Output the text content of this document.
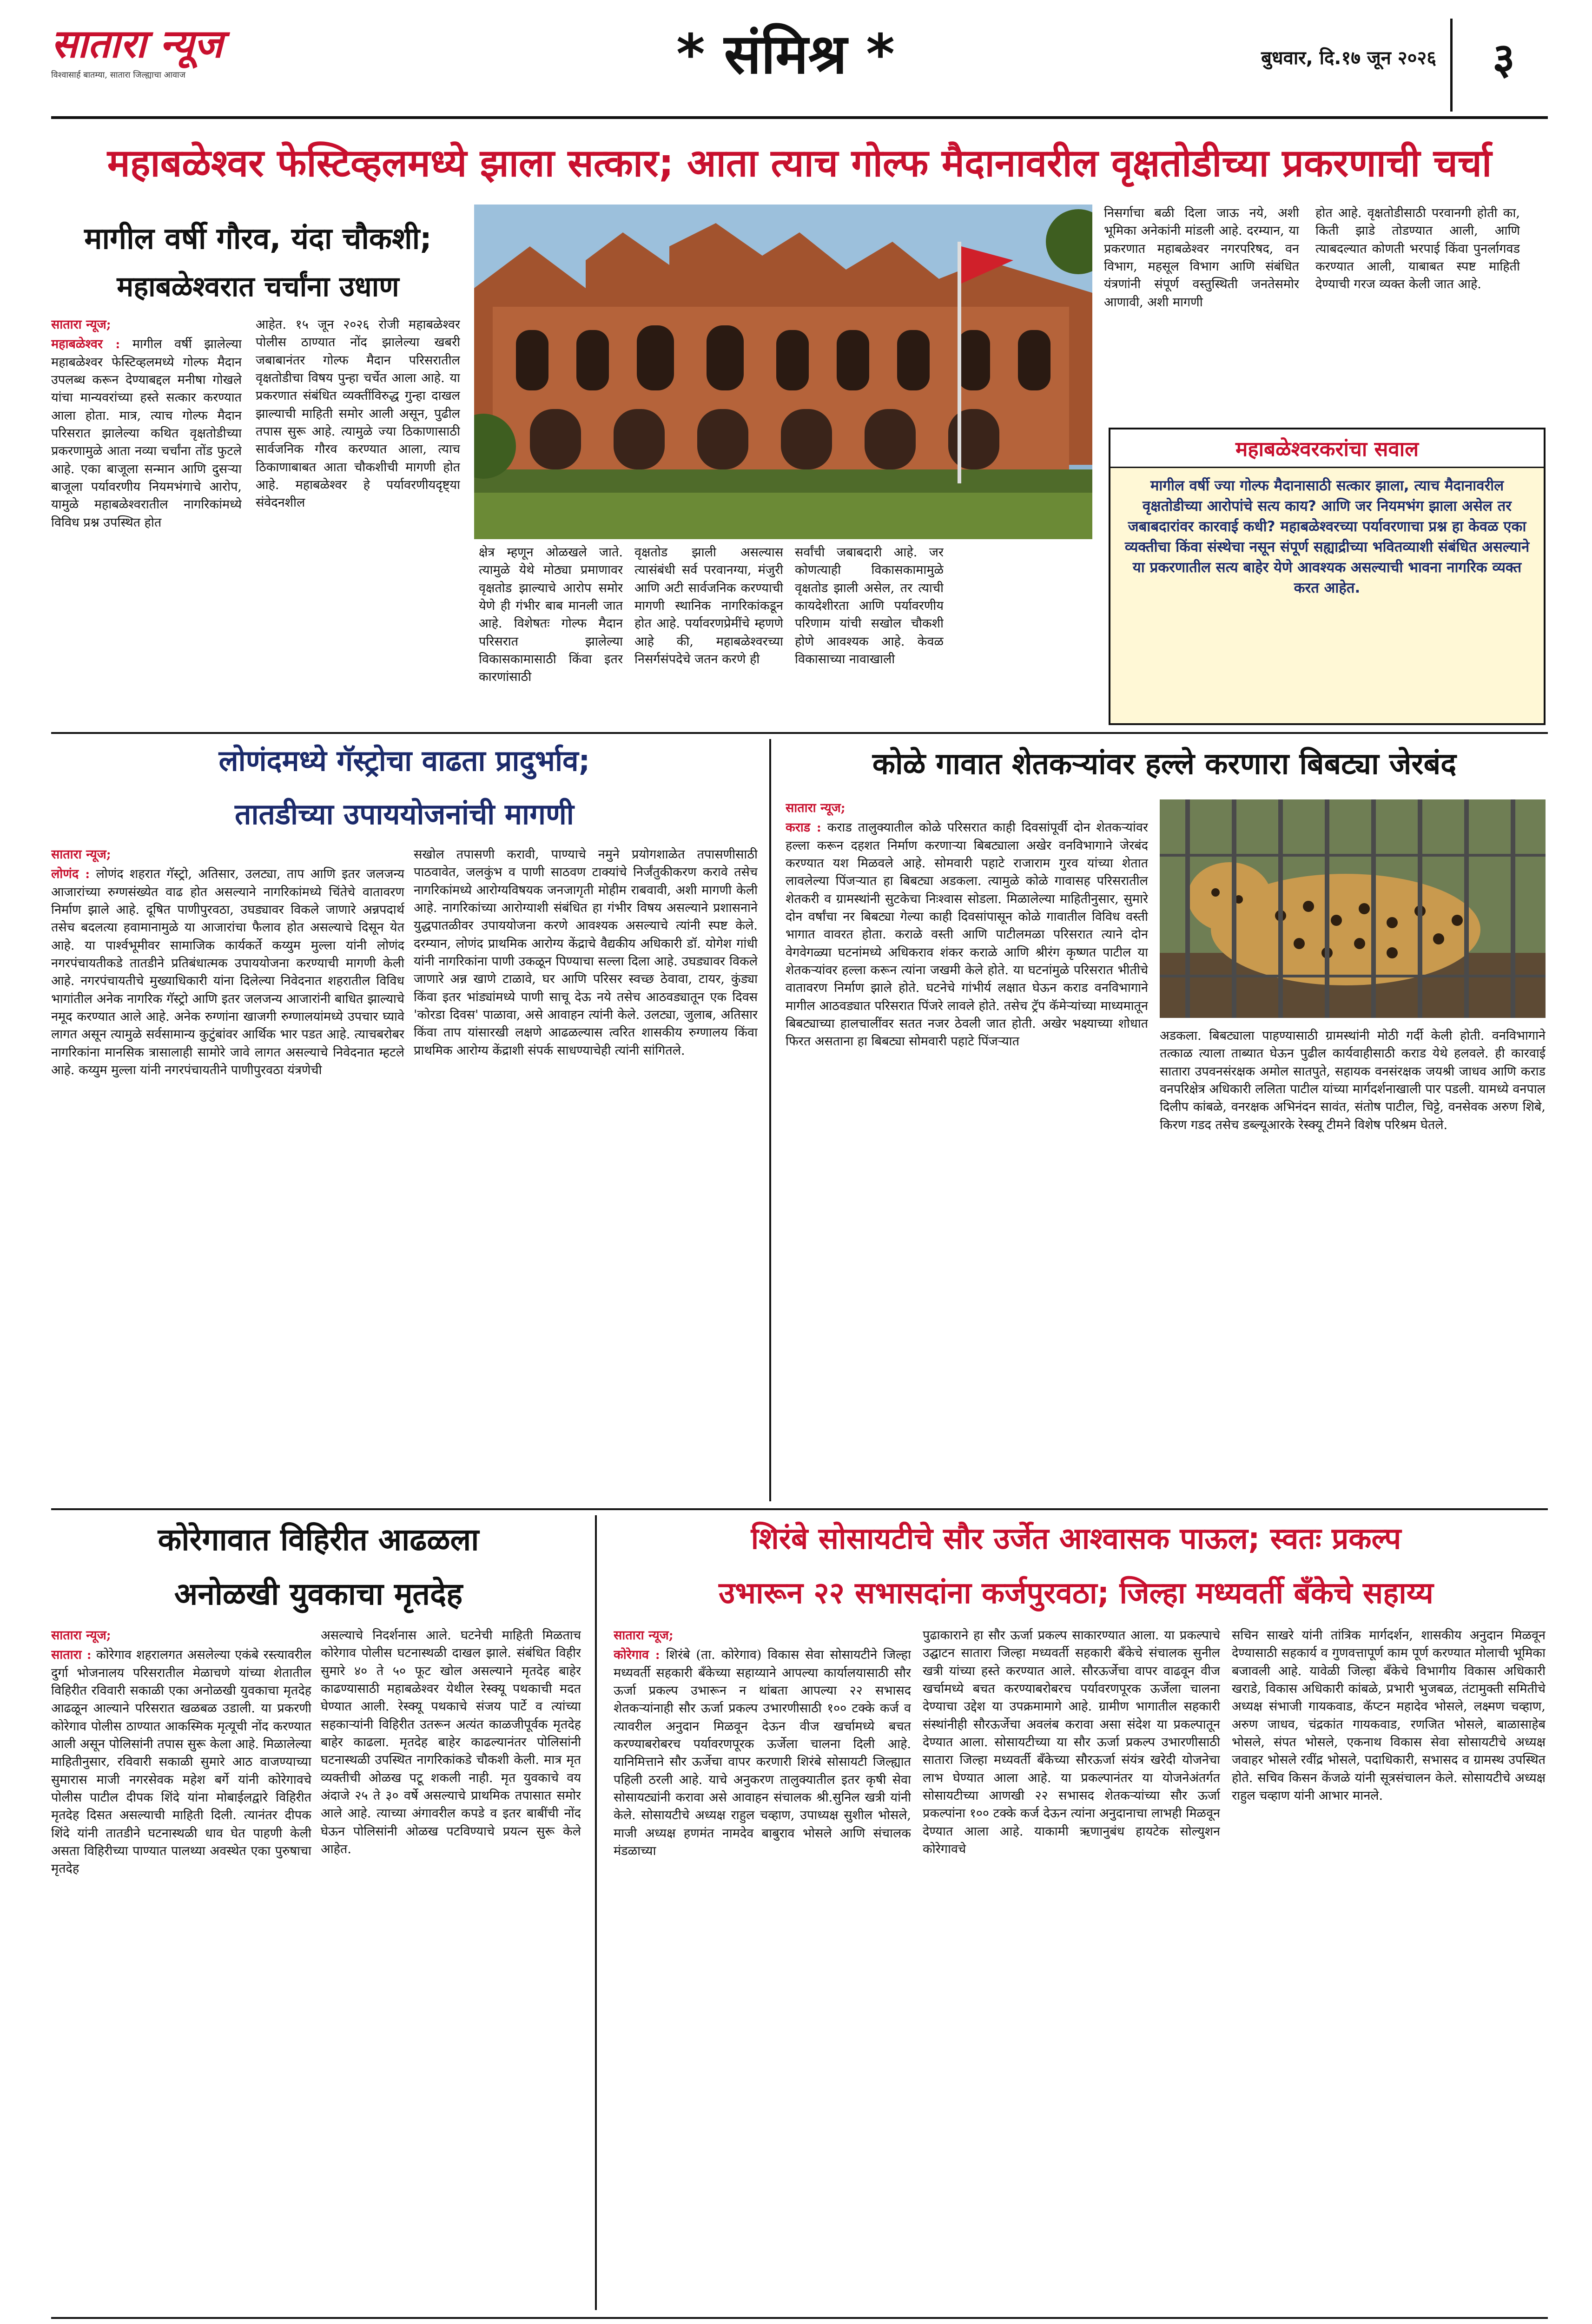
सातारा न्यूज
विश्वासार्ह बातम्या, सातारा जिल्ह्याचा आवाज	* संमिश्र *	बुधवार, दि.१७ जून २०२६	३
महाबळेश्वर फेस्टिव्हलमध्ये झाला सत्कार; आता त्याच गोल्फ मैदानावरील वृक्षतोडीच्या प्रकरणाची चर्चा
मागील वर्षी गौरव, यंदा चौकशी;
महाबळेश्वरात चर्चांना उधाण

सातारा न्यूज;

महाबळेश्वर : मागील वर्षी झालेल्या महाबळेश्वर फेस्टिव्हलमध्ये गोल्फ मैदान उपलब्ध करून देण्याबद्दल मनीषा गोखले यांचा मान्यवरांच्या हस्ते सत्कार करण्यात आला होता. मात्र, त्याच गोल्फ मैदान परिसरात झालेल्या कथित वृक्षतोडीच्या प्रकरणामुळे आता नव्या चर्चांना तोंड फुटले आहे. एका बाजूला सन्मान आणि दुसऱ्या बाजूला पर्यावरणीय नियमभंगाचे आरोप, यामुळे महाबळेश्वरातील नागरिकांमध्ये विविध प्रश्न उपस्थित होत

आहेत. १५ जून २०२६ रोजी महाबळेश्वर पोलीस ठाण्यात नोंद झालेल्या खबरी जबाबानंतर गोल्फ मैदान परिसरातील वृक्षतोडीचा विषय पुन्हा चर्चेत आला आहे. या प्रकरणात संबंधित व्यक्तींविरुद्ध गुन्हा दाखल झाल्याची माहिती समोर आली असून, पुढील तपास सुरू आहे. त्यामुळे ज्या ठिकाणासाठी सार्वजनिक गौरव करण्यात आला, त्याच ठिकाणाबाबत आता चौकशीची मागणी होत आहे. महाबळेश्वर हे पर्यावरणीयदृष्ट्या संवेदनशील

क्षेत्र म्हणून ओळखले जाते. त्यामुळे येथे मोठ्या प्रमाणावर वृक्षतोड झाल्याचे आरोप समोर येणे ही गंभीर बाब मानली जात आहे. विशेषतः गोल्फ मैदान परिसरात झालेल्या विकासकामासाठी किंवा इतर कारणांसाठी

वृक्षतोड झाली असल्यास त्यासंबंधी सर्व परवानग्या, मंजुरी आणि अटी सार्वजनिक करण्याची मागणी स्थानिक नागरिकांकडून होत आहे. पर्यावरणप्रेमींचे म्हणणे आहे की, महाबळेश्वरच्या निसर्गसंपदेचे जतन करणे ही

सर्वांची जबाबदारी आहे. जर कोणत्याही विकासकामामुळे वृक्षतोड झाली असेल, तर त्याची कायदेशीरता आणि पर्यावरणीय परिणाम यांची सखोल चौकशी होणे आवश्यक आहे. केवळ विकासाच्या नावाखाली

निसर्गाचा बळी दिला जाऊ नये, अशी भूमिका अनेकांनी मांडली आहे. दरम्यान, या प्रकरणात महाबळेश्वर नगरपरिषद, वन विभाग, महसूल विभाग आणि संबंधित यंत्रणांनी संपूर्ण वस्तुस्थिती जनतेसमोर आणावी, अशी मागणी

होत आहे. वृक्षतोडीसाठी परवानगी होती का, किती झाडे तोडण्यात आली, आणि त्याबदल्यात कोणती भरपाई किंवा पुनर्लागवड करण्यात आली, याबाबत स्पष्ट माहिती देण्याची गरज व्यक्त केली जात आहे.

महाबळेश्वरकरांचा सवाल
मागील वर्षी ज्या गोल्फ मैदानासाठी सत्कार झाला, त्याच मैदानावरील वृक्षतोडीच्या आरोपांचे सत्य काय? आणि जर नियमभंग झाला असेल तर जबाबदारांवर कारवाई कधी? महाबळेश्वरच्या पर्यावरणाचा प्रश्न हा केवळ एका व्यक्तीचा किंवा संस्थेचा नसून संपूर्ण सह्याद्रीच्या भवितव्याशी संबंधित असल्याने या प्रकरणातील सत्य बाहेर येणे आवश्यक असल्याची भावना नागरिक व्यक्त करत आहेत.
लोणंदमध्ये गॅस्ट्रोचा वाढता प्रादुर्भाव;
तातडीच्या उपाययोजनांची मागणी

सातारा न्यूज;

लोणंद : लोणंद शहरात गॅस्ट्रो, अतिसार, उलट्या, ताप आणि इतर जलजन्य आजारांच्या रुग्णसंख्येत वाढ होत असल्याने नागरिकांमध्ये चिंतेचे वातावरण निर्माण झाले आहे. दूषित पाणीपुरवठा, उघड्यावर विकले जाणारे अन्नपदार्थ तसेच बदलत्या हवामानामुळे या आजारांचा फैलाव होत असल्याचे दिसून येत आहे. या पार्श्वभूमीवर सामाजिक कार्यकर्ते कय्युम मुल्ला यांनी लोणंद नगरपंचायतीकडे तातडीने प्रतिबंधात्मक उपाययोजना करण्याची मागणी केली आहे. नगरपंचायतीचे मुख्याधिकारी यांना दिलेल्या निवेदनात शहरातील विविध भागांतील अनेक नागरिक गॅस्ट्रो आणि इतर जलजन्य आजारांनी बाधित झाल्याचे नमूद करण्यात आले आहे. अनेक रुग्णांना खाजगी रुग्णालयांमध्ये उपचार घ्यावे लागत असून त्यामुळे सर्वसामान्य कुटुंबांवर आर्थिक भार पडत आहे. त्याचबरोबर नागरिकांना मानसिक त्रासालाही सामोरे जावे लागत असल्याचे निवेदनात म्हटले आहे. कय्युम मुल्ला यांनी नगरपंचायतीने पाणीपुरवठा यंत्रणेची

सखोल तपासणी करावी, पाण्याचे नमुने प्रयोगशाळेत तपासणीसाठी पाठवावेत, जलकुंभ व पाणी साठवण टाक्यांचे निर्जंतुकीकरण करावे तसेच नागरिकांमध्ये आरोग्यविषयक जनजागृती मोहीम राबवावी, अशी मागणी केली आहे. नागरिकांच्या आरोग्याशी संबंधित हा गंभीर विषय असल्याने प्रशासनाने युद्धपातळीवर उपाययोजना करणे आवश्यक असल्याचे त्यांनी स्पष्ट केले. दरम्यान, लोणंद प्राथमिक आरोग्य केंद्राचे वैद्यकीय अधिकारी डॉ. योगेश गांधी यांनी नागरिकांना पाणी उकळून पिण्याचा सल्ला दिला आहे. उघड्यावर विकले जाणारे अन्न खाणे टाळावे, घर आणि परिसर स्वच्छ ठेवावा, टायर, कुंड्या किंवा इतर भांड्यांमध्ये पाणी साचू देऊ नये तसेच आठवड्यातून एक दिवस 'कोरडा दिवस' पाळावा, असे आवाहन त्यांनी केले. उलट्या, जुलाब, अतिसार किंवा ताप यांसारखी लक्षणे आढळल्यास त्वरित शासकीय रुग्णालय किंवा प्राथमिक आरोग्य केंद्राशी संपर्क साधण्याचेही त्यांनी सांगितले.

कोळे गावात शेतकऱ्यांवर हल्ले करणारा बिबट्या जेरबंद

सातारा न्यूज;

कराड : कराड तालुक्यातील कोळे परिसरात काही दिवसांपूर्वी दोन शेतकऱ्यांवर हल्ला करून दहशत निर्माण करणाऱ्या बिबट्याला अखेर वनविभागाने जेरबंद करण्यात यश मिळवले आहे. सोमवारी पहाटे राजाराम गुरव यांच्या शेतात लावलेल्या पिंजऱ्यात हा बिबट्या अडकला. त्यामुळे कोळे गावासह परिसरातील शेतकरी व ग्रामस्थांनी सुटकेचा निःश्वास सोडला. मिळालेल्या माहितीनुसार, सुमारे दोन वर्षांचा नर बिबट्या गेल्या काही दिवसांपासून कोळे गावातील विविध वस्ती भागात वावरत होता. कराळे वस्ती आणि पाटीलमळा परिसरात त्याने दोन वेगवेगळ्या घटनांमध्ये अधिकराव शंकर कराळे आणि श्रीरंग कृष्णत पाटील या शेतकऱ्यांवर हल्ला करून त्यांना जखमी केले होते. या घटनांमुळे परिसरात भीतीचे वातावरण निर्माण झाले होते. घटनेचे गांभीर्य लक्षात घेऊन कराड वनविभागाने मागील आठवड्यात परिसरात पिंजरे लावले होते. तसेच ट्रॅप कॅमेऱ्यांच्या माध्यमातून बिबट्याच्या हालचालींवर सतत नजर ठेवली जात होती. अखेर भक्ष्याच्या शोधात फिरत असताना हा बिबट्या सोमवारी पहाटे पिंजऱ्यात	अडकला. बिबट्याला पाहण्यासाठी ग्रामस्थांनी मोठी गर्दी केली होती. वनविभागाने तत्काळ त्याला ताब्यात घेऊन पुढील कार्यवाहीसाठी कराड येथे हलवले. ही कारवाई सातारा उपवनसंरक्षक अमोल सातपुते, सहायक वनसंरक्षक जयश्री जाधव आणि कराड वनपरिक्षेत्र अधिकारी ललिता पाटील यांच्या मार्गदर्शनाखाली पार पडली. यामध्ये वनपाल दिलीप कांबळे, वनरक्षक अभिनंदन सावंत, संतोष पाटील, चिट्टे, वनसेवक अरुण शिबे, किरण गडद तसेच डब्ल्यूआरके रेस्क्यू टीमने विशेष परिश्रम घेतले.

कोरेगावात विहिरीत आढळला
अनोळखी युवकाचा मृतदेह

सातारा न्यूज;

सातारा : कोरेगाव शहरालगत असलेल्या एकंबे रस्त्यावरील दुर्गा भोजनालय परिसरातील मेळाचणे यांच्या शेतातील विहिरीत रविवारी सकाळी एका अनोळखी युवकाचा मृतदेह आढळून आल्याने परिसरात खळबळ उडाली. या प्रकरणी कोरेगाव पोलीस ठाण्यात आकस्मिक मृत्यूची नोंद करण्यात आली असून पोलिसांनी तपास सुरू केला आहे. मिळालेल्या माहितीनुसार, रविवारी सकाळी सुमारे आठ वाजण्याच्या सुमारास माजी नगरसेवक महेश बर्गे यांनी कोरेगावचे पोलीस पाटील दीपक शिंदे यांना मोबाईलद्वारे विहिरीत मृतदेह दिसत असल्याची माहिती दिली. त्यानंतर दीपक शिंदे यांनी तातडीने घटनास्थळी धाव घेत पाहणी केली असता विहिरीच्या पाण्यात पालथ्या अवस्थेत एका पुरुषाचा मृतदेह

असल्याचे निदर्शनास आले. घटनेची माहिती मिळताच कोरेगाव पोलीस घटनास्थळी दाखल झाले. संबंधित विहीर सुमारे ४० ते ५० फूट खोल असल्याने मृतदेह बाहेर काढण्यासाठी महाबळेश्वर येथील रेस्क्यू पथकाची मदत घेण्यात आली. रेस्क्यू पथकाचे संजय पार्टे व त्यांच्या सहकाऱ्यांनी विहिरीत उतरून अत्यंत काळजीपूर्वक मृतदेह बाहेर काढला. मृतदेह बाहेर काढल्यानंतर पोलिसांनी घटनास्थळी उपस्थित नागरिकांकडे चौकशी केली. मात्र मृत व्यक्तीची ओळख पटू शकली नाही. मृत युवकाचे वय अंदाजे २५ ते ३० वर्षे असल्याचे प्राथमिक तपासात समोर आले आहे. त्याच्या अंगावरील कपडे व इतर बाबींची नोंद घेऊन पोलिसांनी ओळख पटविण्याचे प्रयत्न सुरू केले आहेत.

शिरंबे सोसायटीचे सौर उर्जेत आश्वासक पाऊल; स्वतः प्रकल्प
उभारून २२ सभासदांना कर्जपुरवठा; जिल्हा मध्यवर्ती बँकेचे सहाय्य

सातारा न्यूज;

कोरेगाव : शिरंबे (ता. कोरेगाव) विकास सेवा सोसायटीने जिल्हा मध्यवर्ती सहकारी बँकेच्या सहाय्याने आपल्या कार्यालयासाठी सौर ऊर्जा प्रकल्प उभारून न थांबता आपल्या २२ सभासद शेतकऱ्यांनाही सौर ऊर्जा प्रकल्प उभारणीसाठी १०० टक्के कर्ज व त्यावरील अनुदान मिळवून देऊन वीज खर्चामध्ये बचत करण्याबरोबरच पर्यावरणपूरक ऊर्जेला चालना दिली आहे. यानिमित्ताने सौर ऊर्जेचा वापर करणारी शिरंबे सोसायटी जिल्ह्यात पहिली ठरली आहे. याचे अनुकरण तालुक्यातील इतर कृषी सेवा सोसायट्यांनी करावा असे आवाहन संचालक श्री.सुनिल खत्री यांनी केले. सोसायटीचे अध्यक्ष राहुल चव्हाण, उपाध्यक्ष सुशील भोसले, माजी अध्यक्ष हणमंत नामदेव बाबुराव भोसले आणि संचालक मंडळाच्या

पुढाकाराने हा सौर ऊर्जा प्रकल्प साकारण्यात आला. या प्रकल्पाचे उद्घाटन सातारा जिल्हा मध्यवर्ती सहकारी बँकेचे संचालक सुनील खत्री यांच्या हस्ते करण्यात आले. सौरऊर्जेचा वापर वाढवून वीज खर्चामध्ये बचत करण्याबरोबरच पर्यावरणपूरक ऊर्जेला चालना देण्याचा उद्देश या उपक्रमामागे आहे. ग्रामीण भागातील सहकारी संस्थांनीही सौरऊर्जेचा अवलंब करावा असा संदेश या प्रकल्पातून देण्यात आला. सोसायटीच्या या सौर ऊर्जा प्रकल्प उभारणीसाठी सातारा जिल्हा मध्यवर्ती बँकेच्या सौरऊर्जा संयंत्र खरेदी योजनेचा लाभ घेण्यात आला आहे. या प्रकल्पानंतर या योजनेअंतर्गत सोसायटीच्या आणखी २२ सभासद शेतकऱ्यांच्या सौर ऊर्जा प्रकल्पांना १०० टक्के कर्ज देऊन त्यांना अनुदानाचा लाभही मिळवून देण्यात आला आहे. याकामी ऋणानुबंध हायटेक सोल्युशन कोरेगावचे

सचिन साखरे यांनी तांत्रिक मार्गदर्शन, शासकीय अनुदान मिळवून देण्यासाठी सहकार्य व गुणवत्तापूर्ण काम पूर्ण करण्यात मोलाची भूमिका बजावली आहे. यावेळी जिल्हा बँकेचे विभागीय विकास अधिकारी खराडे, विकास अधिकारी कांबळे, प्रभारी भुजबळ, तंटामुक्ती समितीचे अध्यक्ष संभाजी गायकवाड, कॅप्टन महादेव भोसले, लक्ष्मण चव्हाण, अरुण जाधव, चंद्रकांत गायकवाड, रणजित भोसले, बाळासाहेब भोसले, संपत भोसले, एकनाथ विकास सेवा सोसायटीचे अध्यक्ष जवाहर भोसले रवींद्र भोसले, पदाधिकारी, सभासद व ग्रामस्थ उपस्थित होते. सचिव किसन केंजळे यांनी सूत्रसंचालन केले. सोसायटीचे अध्यक्ष राहुल चव्हाण यांनी आभार मानले.
